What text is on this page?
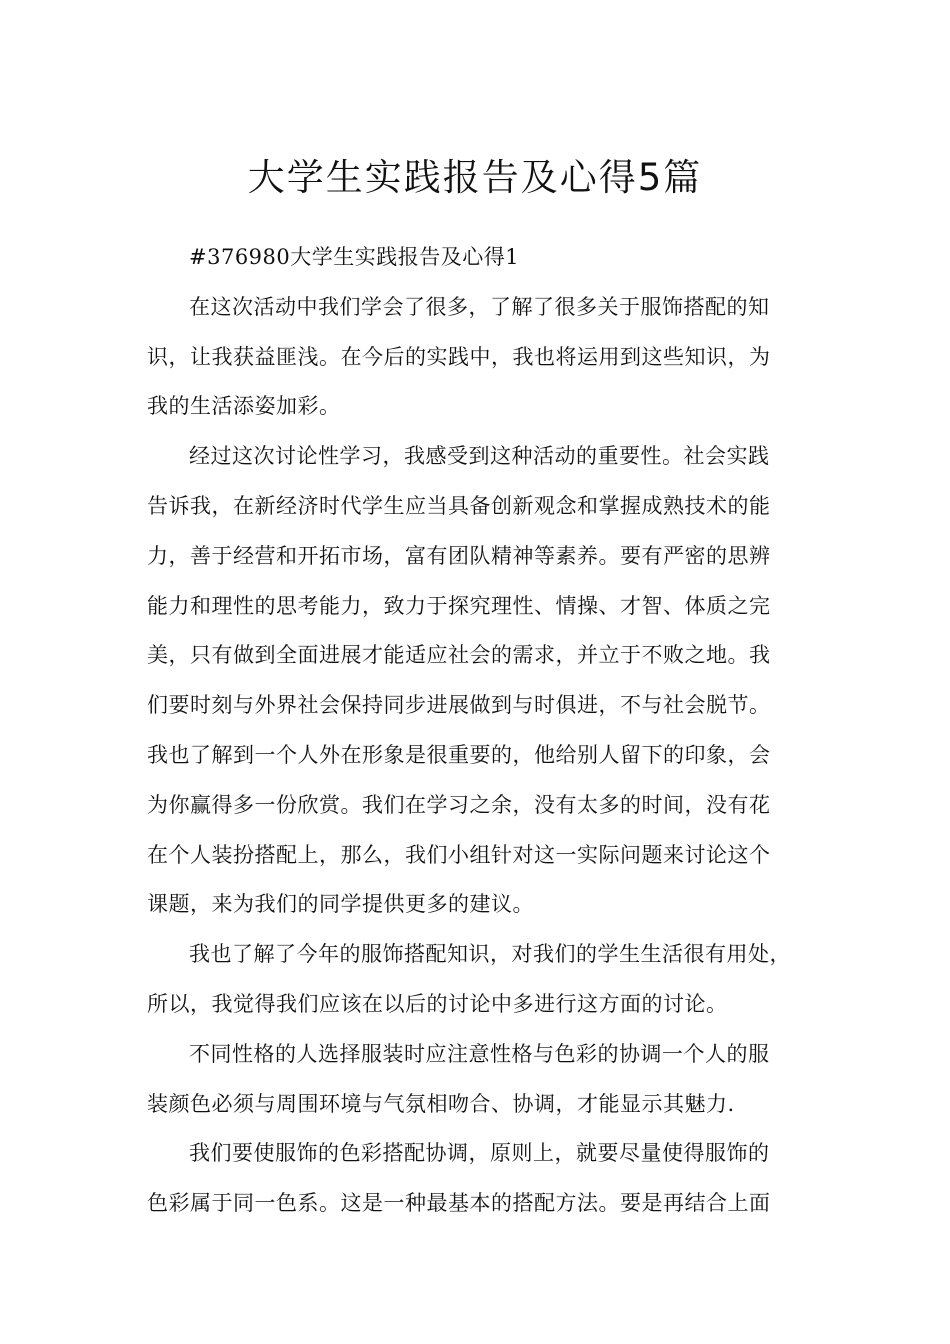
大学生实践报告及心得5篇
#376980大学生实践报告及心得1
在这次活动中我们学会了很多，了解了很多关于服饰搭配的知
识，让我获益匪浅。在今后的实践中，我也将运用到这些知识，为
我的生活添姿加彩。
经过这次讨论性学习，我感受到这种活动的重要性。社会实践
告诉我，在新经济时代学生应当具备创新观念和掌握成熟技术的能
力，善于经营和开拓市场，富有团队精神等素养。要有严密的思辨
能力和理性的思考能力，致力于探究理性、情操、才智、体质之完
美，只有做到全面进展才能适应社会的需求，并立于不败之地。我
们要时刻与外界社会保持同步进展做到与时俱进，不与社会脱节。
我也了解到一个人外在形象是很重要的，他给别人留下的印象，会
为你赢得多一份欣赏。我们在学习之余，没有太多的时间，没有花
在个人装扮搭配上，那么，我们小组针对这一实际问题来讨论这个
课题，来为我们的同学提供更多的建议。
我也了解了今年的服饰搭配知识，对我们的学生生活很有用处，
所以，我觉得我们应该在以后的讨论中多进行这方面的讨论。
不同性格的人选择服装时应注意性格与色彩的协调一个人的服
装颜色必须与周围环境与气氛相吻合、协调，才能显示其魅力.
我们要使服饰的色彩搭配协调，原则上，就要尽量使得服饰的
色彩属于同一色系。这是一种最基本的搭配方法。要是再结合上面
